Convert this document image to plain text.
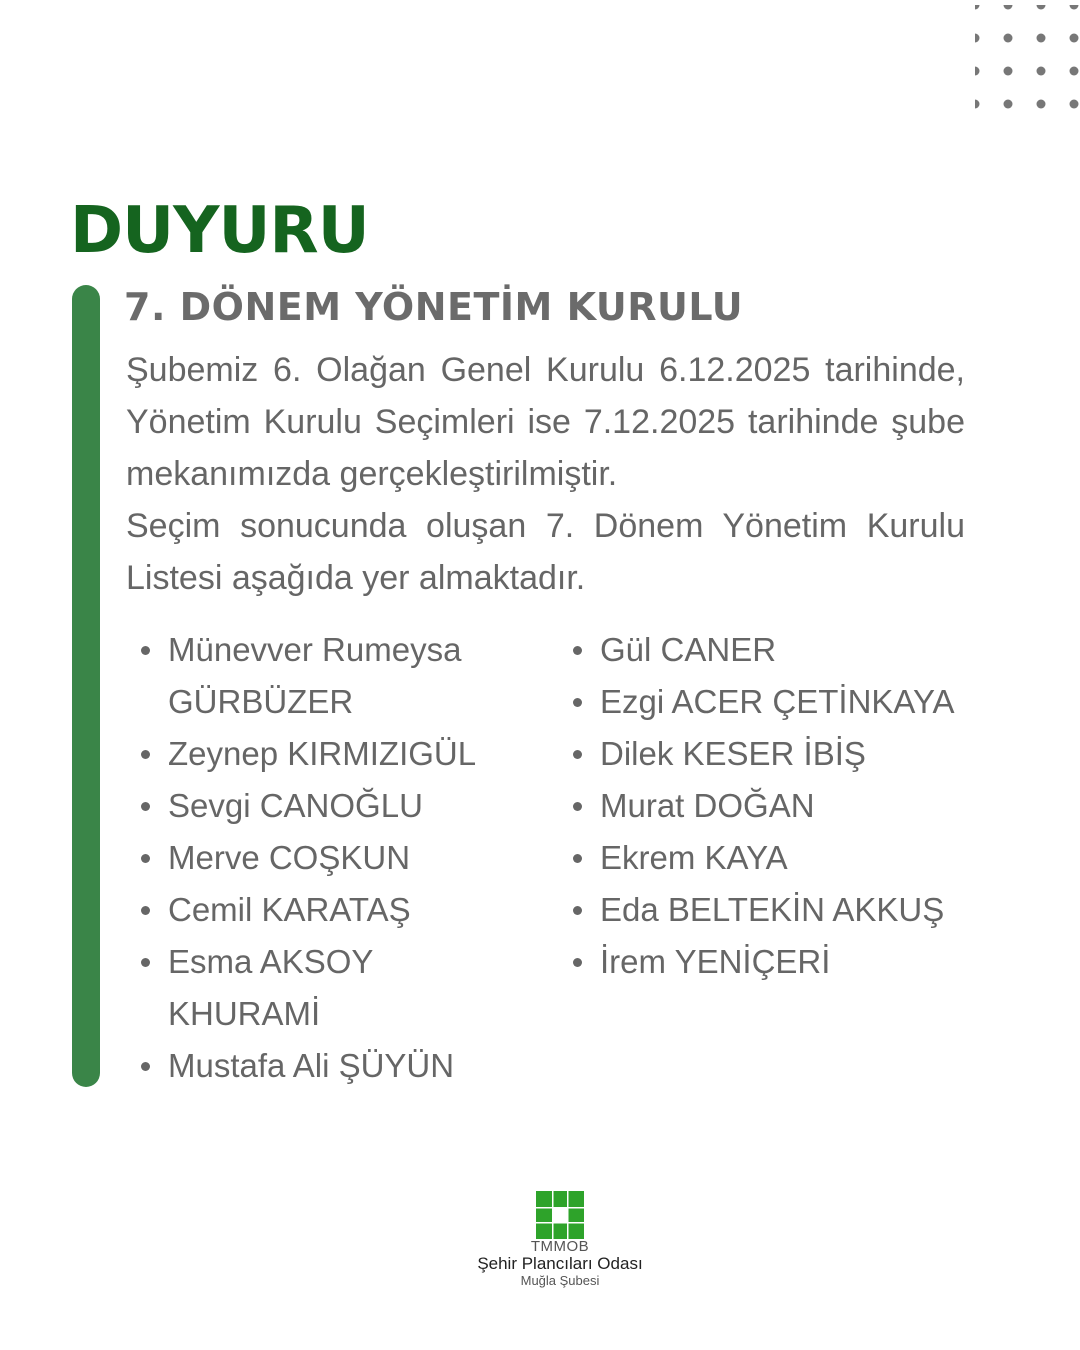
DUYURU
7. DÖNEM YÖNETİM KURULU

Şubemiz 6. Olağan Genel Kurulu 6.12.2025 tarihinde, Yönetim Kurulu Seçimleri ise 7.12.2025 tarihinde şube mekanımızda gerçekleştirilmiştir.

Seçim sonucunda oluşan 7. Dönem Yönetim Kurulu Listesi aşağıda yer almaktadır.

Münevver Rumeysa GÜRBÜZER
Zeynep KIRMIZIGÜL
Sevgi CANOĞLU
Merve COŞKUN
Cemil KARATAŞ
Esma AKSOY KHURAMİ
Mustafa Ali ŞÜYÜN
Gül CANER
Ezgi ACER ÇETİNKAYA
Dilek KESER İBİŞ
Murat DOĞAN
Ekrem KAYA
Eda BELTEKİN AKKUŞ
İrem YENİÇERİ
TMMOB
Şehir Plancıları Odası
Muğla Şubesi
